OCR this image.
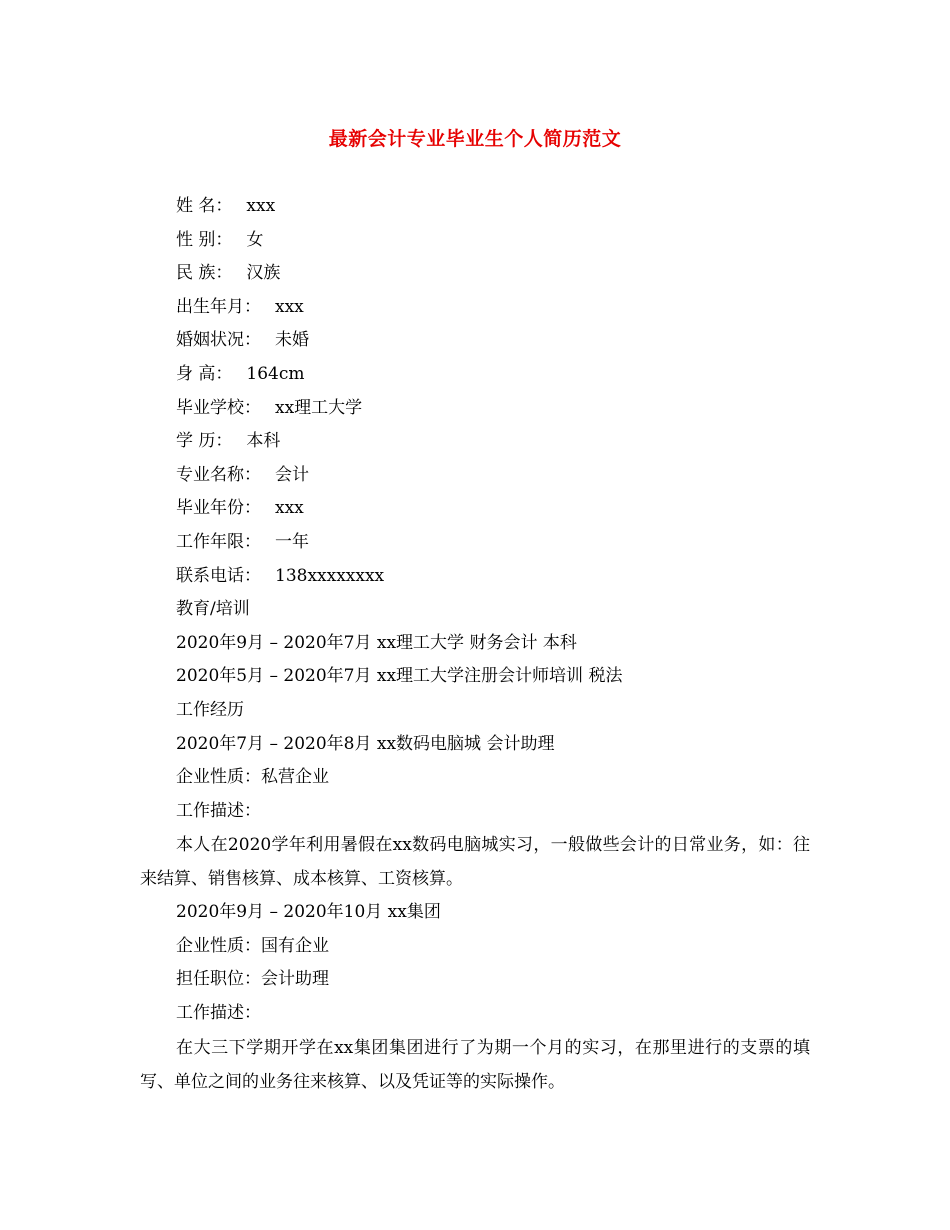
最新会计专业毕业生个人简历范文
姓 名： xxx
性 别： 女
民 族： 汉族
出生年月： xxx
婚姻状况： 未婚
身 高： 164cm
毕业学校： xx理工大学
学 历： 本科
专业名称： 会计
毕业年份： xxx
工作年限： 一年
联系电话： 138xxxxxxxx
教育/培训
2020年9月 – 2020年7月 xx理工大学 财务会计 本科
2020年5月 – 2020年7月 xx理工大学注册会计师培训 税法
工作经历
2020年7月 – 2020年8月 xx数码电脑城 会计助理
企业性质：私营企业
工作描述：
本人在2020学年利用暑假在xx数码电脑城实习，一般做些会计的日常业务，如：往来结算、销售核算、成本核算、工资核算。
2020年9月 – 2020年10月 xx集团
企业性质：国有企业
担任职位：会计助理
工作描述：
在大三下学期开学在xx集团集团进行了为期一个月的实习，在那里进行的支票的填写、单位之间的业务往来核算、以及凭证等的实际操作。
